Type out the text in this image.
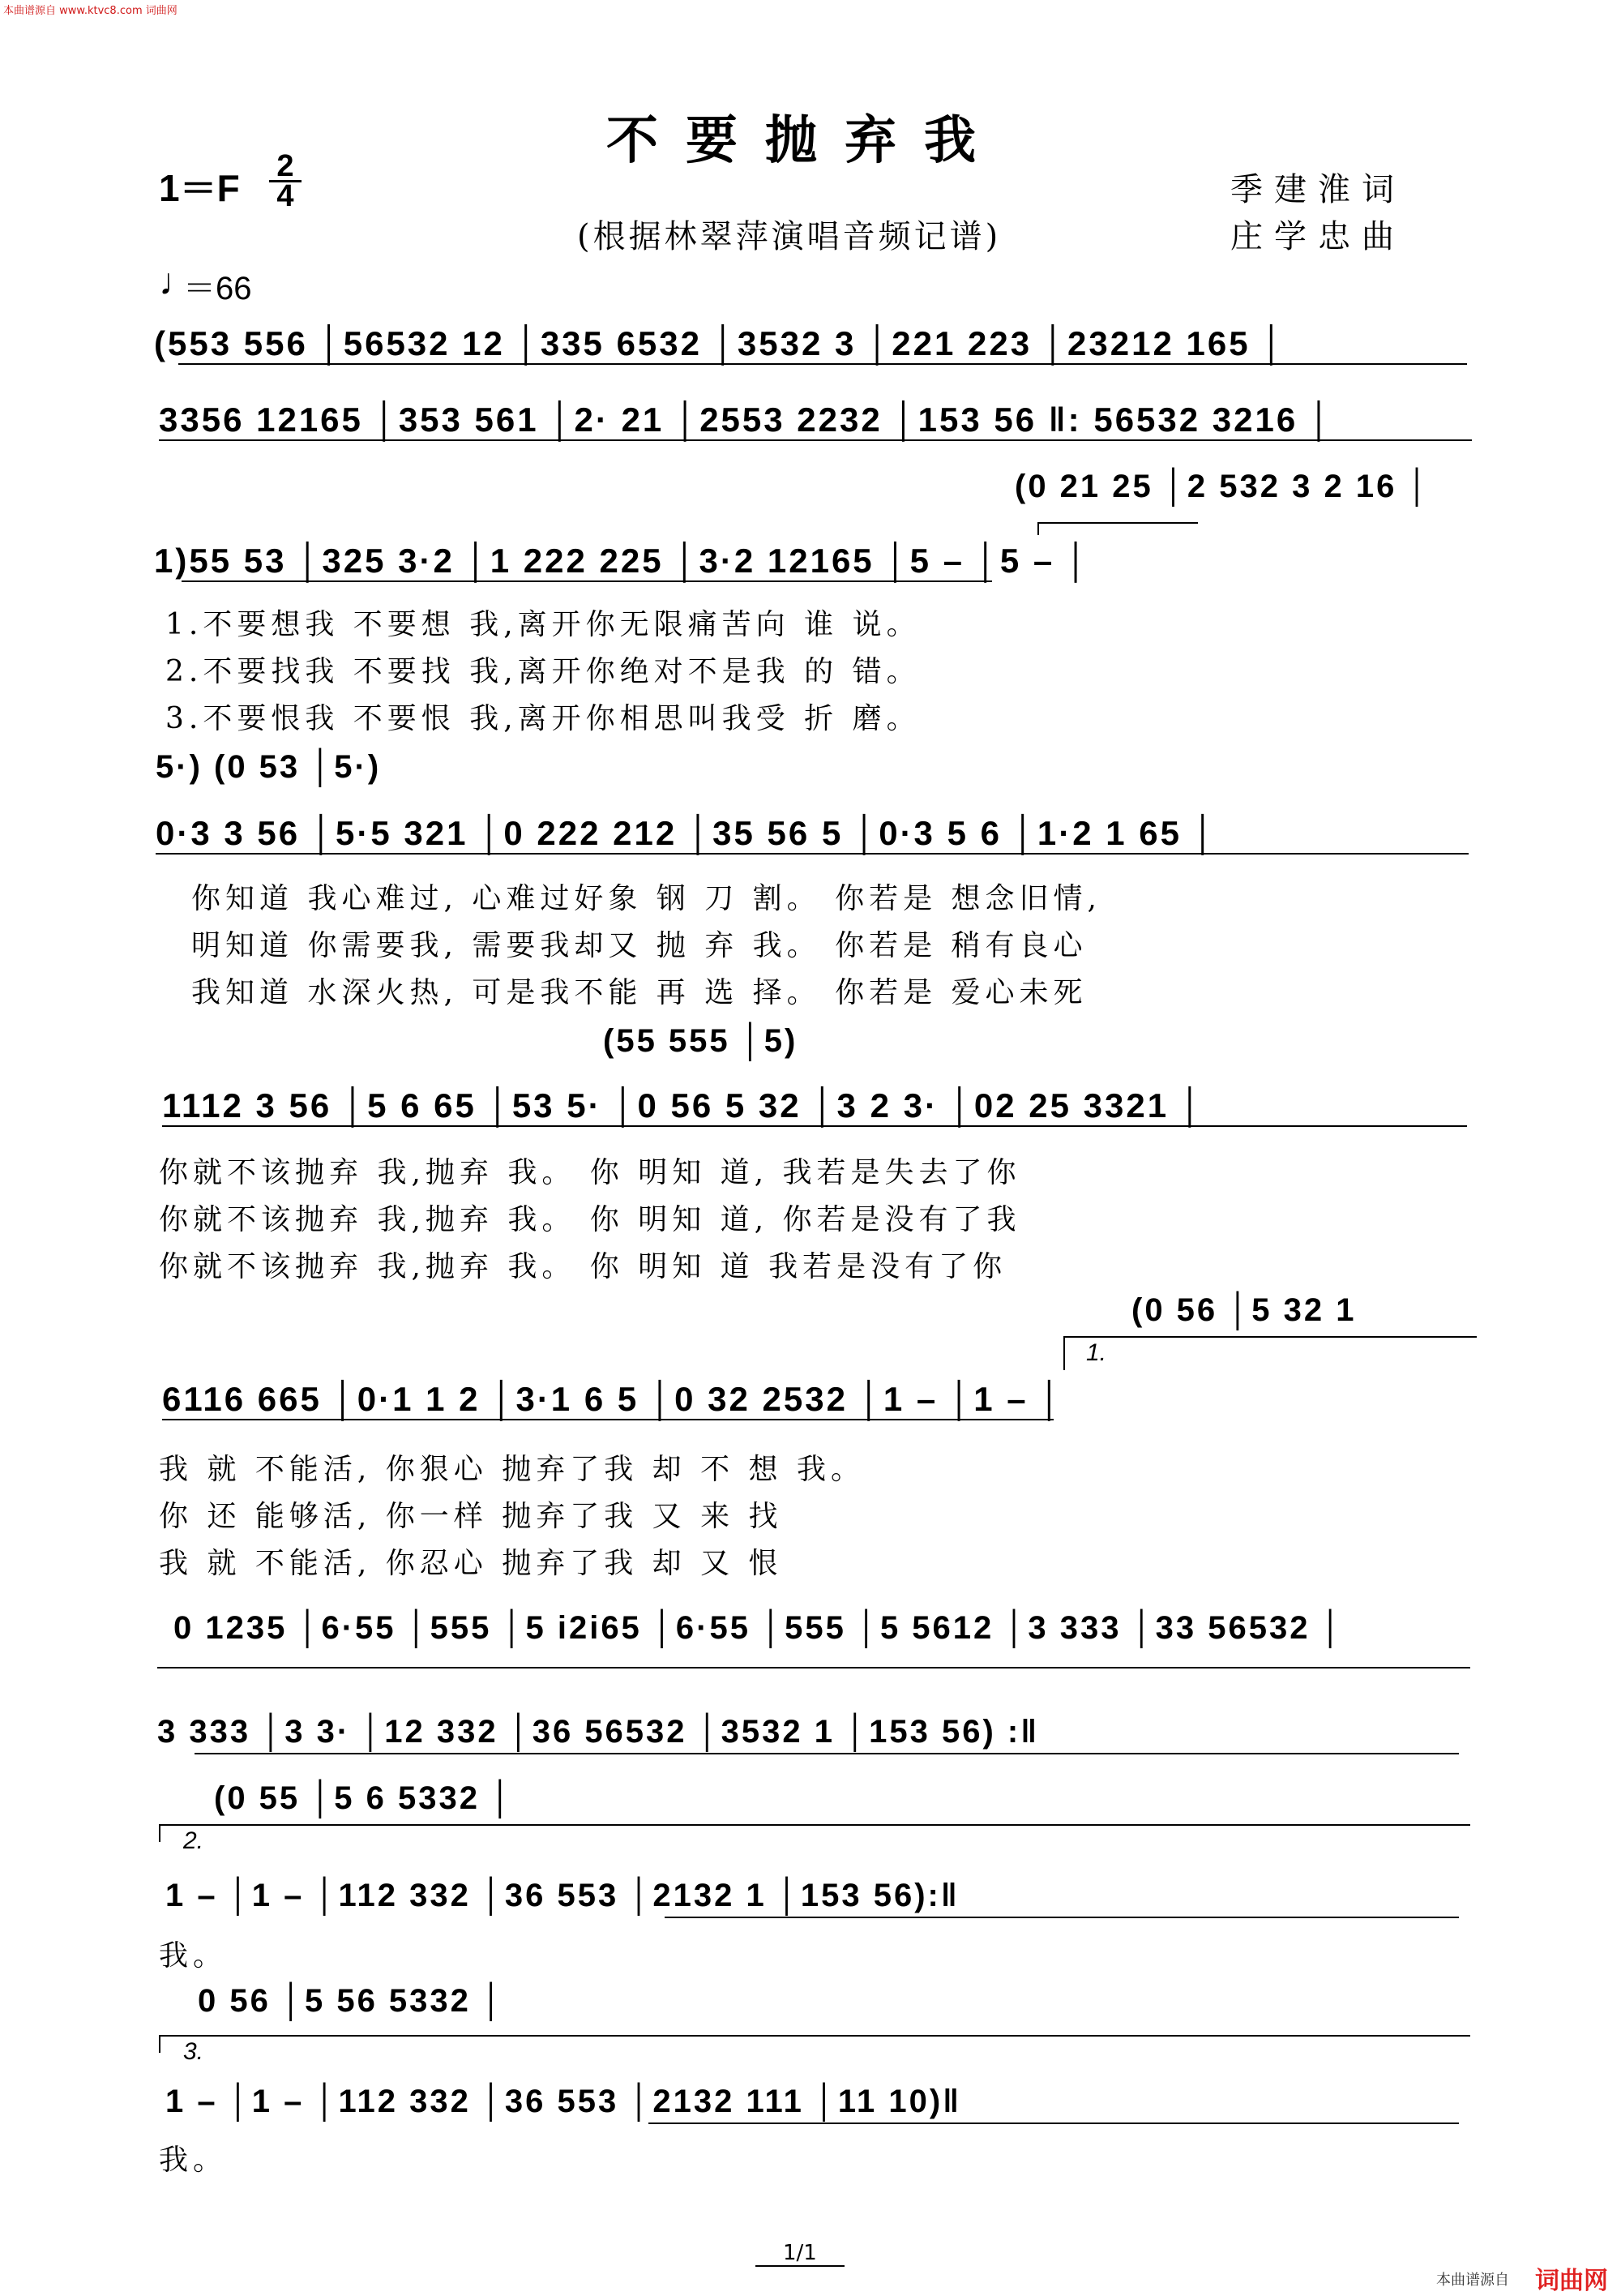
本曲谱源自 www.ktvc8.com 词曲网
本曲谱源自 词曲网
不要抛弃我
$1=F \frac{2}{4}$	季建淮词
(根据林翠萍演唱音频记谱)	庄学忠曲
♩
＝66
(553 556 │56532 12 │335 6532 │3532 3 │221 223 │23212 165 │
3356 12165 │353 561 │2· 21 │2553 2232 │153 56 ‖: 56532 3216 │
(0 21 25 │2 532 3 2 16 │
1)55 53 │325 3·2 │1 222 225 │3·2 12165 │5 – │5 – │
1.不要想我 不要想 我,离开你无限痛苦向 谁 说。
2.不要找我 不要找 我,离开你绝对不是我 的 错。
3.不要恨我 不要恨 我,离开你相思叫我受 折 磨。
5·) (0 53 │5·)
0·3 3 56 │5·5 321 │0 222 212 │35 56 5 │0·3 5 6 │1·2 1 65 │
你知道 我心难过, 心难过好象 钢 刀 割。 你若是 想念旧情,
明知道 你需要我, 需要我却又 抛 弃 我。 你若是 稍有良心
我知道 水深火热, 可是我不能 再 选 择。 你若是 爱心未死
(55 555 │5)
1112 3 56 │5 6 65 │53 5· │0 56 5 32 │3 2 3· │02 25 3321 │
你就不该抛弃 我,抛弃 我。 你 明知 道, 我若是失去了你
你就不该抛弃 我,抛弃 我。 你 明知 道, 你若是没有了我
你就不该抛弃 我,抛弃 我。 你 明知 道 我若是没有了你
(0 56 │5 32 1
1.
6116 665 │0·1 1 2 │3·1 6 5 │0 32 2532 │1 – │1 – │
我 就 不能活, 你狠心 抛弃了我 却 不 想 我。
你 还 能够活, 你一样 抛弃了我 又 来 找
我 就 不能活, 你忍心 抛弃了我 却 又 恨
0 1235 │6·55 │555 │5 i2i65 │6·55 │555 │5 5612 │3 333 │33 56532 │
3 333 │3 3· │12 332 │36 56532 │3532 1 │153 56) :‖
(0 55 │5 6 5332 │
2.
1 – │1 – │112 332 │36 553 │2132 1 │153 56):‖
我。
0 56 │5 56 5332 │
3.
1 – │1 – │112 332 │36 553 │2132 111 │11 10)‖
我。
1/1
